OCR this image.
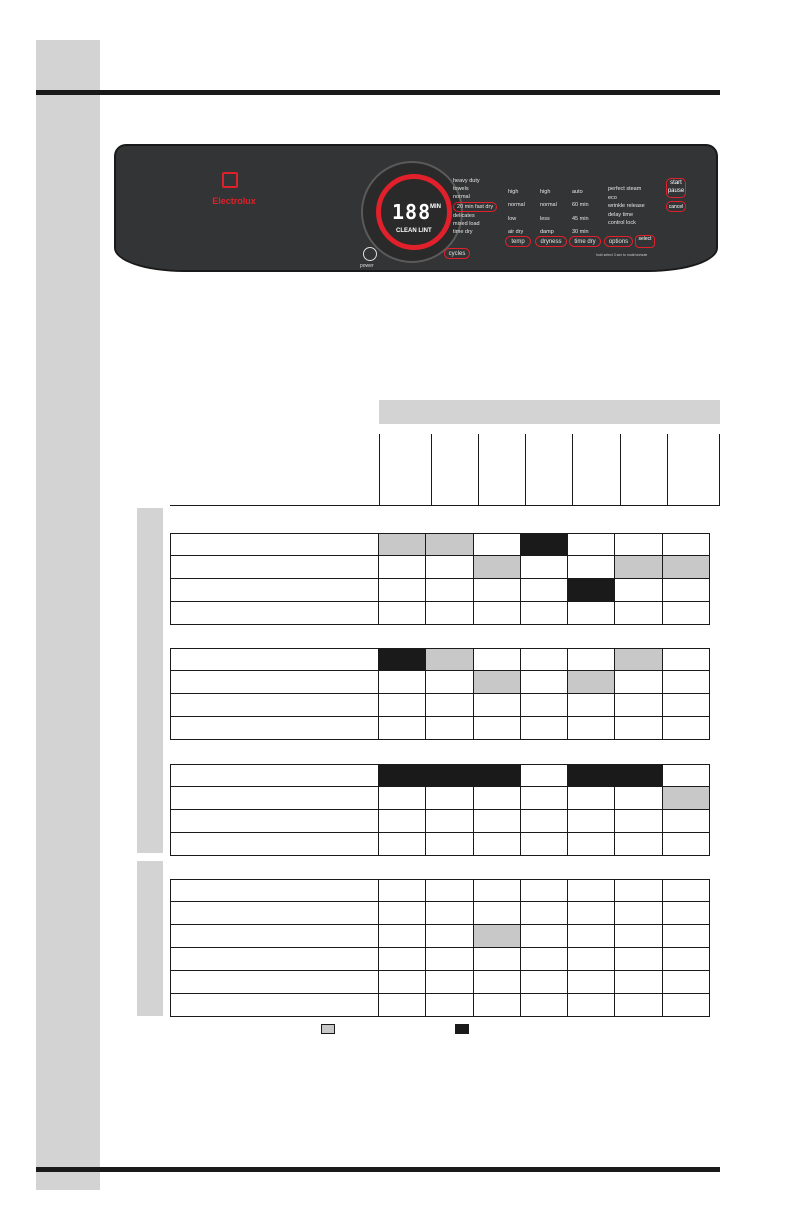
Electrolux	188
MIN
CLEAN LINT
power
heavy duty
towels
normal
20 min fast dry
delicates
mixed load
time dry
cycles
high	high	auto
normal	normal	60 min
low	less	45 min
air dry	damp	30 min
temp	dryness	time dry	options
perfect steam
eco
wrinkle release
delay time
control lock
start
pause
cancel
select
hold select 3 sec to mute/unmute
